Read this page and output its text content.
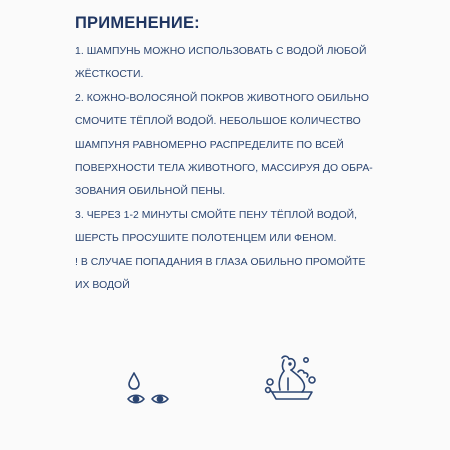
ПРИМЕНЕНИЕ:
1. ШАМПУНЬ МОЖНО ИСПОЛЬЗОВАТЬ С ВОДОЙ ЛЮБОЙ
ЖЁСТКОСТИ.
2. КОЖНО-ВОЛОСЯНОЙ ПОКРОВ ЖИВОТНОГО ОБИЛЬНО
СМОЧИТЕ ТЁПЛОЙ ВОДОЙ. НЕБОЛЬШОЕ КОЛИЧЕСТВО
ШАМПУНЯ РАВНОМЕРНО РАСПРЕДЕЛИТЕ ПО ВСЕЙ
ПОВЕРХНОСТИ ТЕЛА ЖИВОТНОГО, МАССИРУЯ ДО ОБРА-
ЗОВАНИЯ ОБИЛЬНОЙ ПЕНЫ.
3. ЧЕРЕЗ 1-2 МИНУТЫ СМОЙТЕ ПЕНУ ТЁПЛОЙ ВОДОЙ,
ШЕРСТЬ ПРОСУШИТЕ ПОЛОТЕНЦЕМ ИЛИ ФЕНОМ.
! В СЛУЧАЕ ПОПАДАНИЯ В ГЛАЗА ОБИЛЬНО ПРОМОЙТЕ
ИХ ВОДОЙ
